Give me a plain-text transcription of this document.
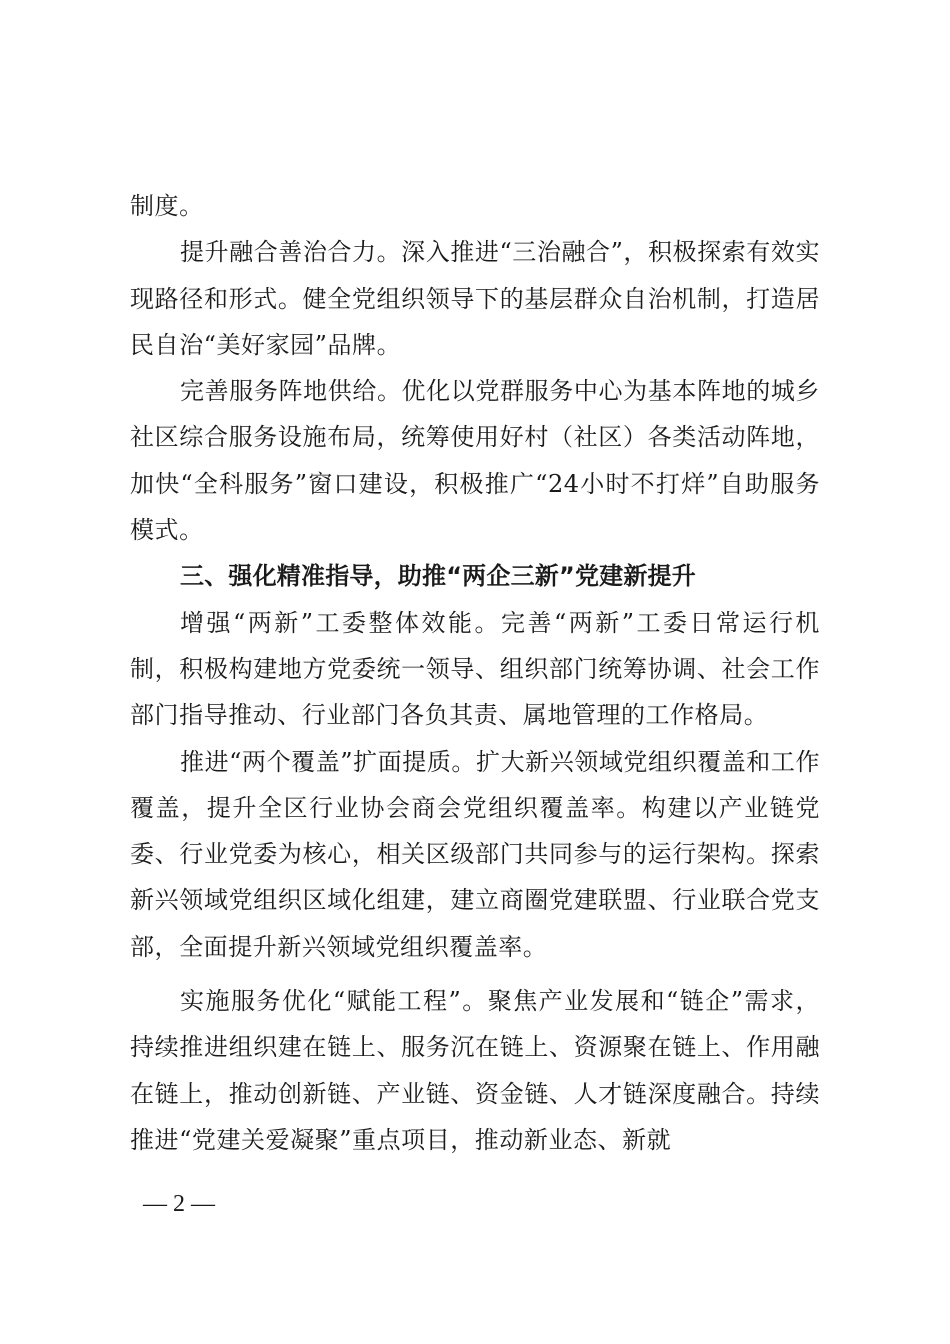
制度。

提升融合善治合力。深入推进“三治融合”，积极探索有效实现路径和形式。健全党组织领导下的基层群众自治机制，打造居民自治“美好家园”品牌。

完善服务阵地供给。优化以党群服务中心为基本阵地的城乡社区综合服务设施布局，统筹使用好村（社区）各类活动阵地，加快“全科服务”窗口建设，积极推广“24小时不打烊”自助服务模式。

三、强化精准指导，助推“两企三新”党建新提升

增强“两新”工委整体效能。完善“两新”工委日常运行机制，积极构建地方党委统一领导、组织部门统筹协调、社会工作部门指导推动、行业部门各负其责、属地管理的工作格局。

推进“两个覆盖”扩面提质。扩大新兴领域党组织覆盖和工作覆盖，提升全区行业协会商会党组织覆盖率。构建以产业链党委、行业党委为核心，相关区级部门共同参与的运行架构。探索新兴领域党组织区域化组建，建立商圈党建联盟、行业联合党支部，全面提升新兴领域党组织覆盖率。

实施服务优化“赋能工程”。聚焦产业发展和“链企”需求，持续推进组织建在链上、服务沉在链上、资源聚在链上、作用融在链上，推动创新链、产业链、资金链、人才链深度融合。持续推进“党建关爱凝聚”重点项目，推动新业态、新就

— 2 —
